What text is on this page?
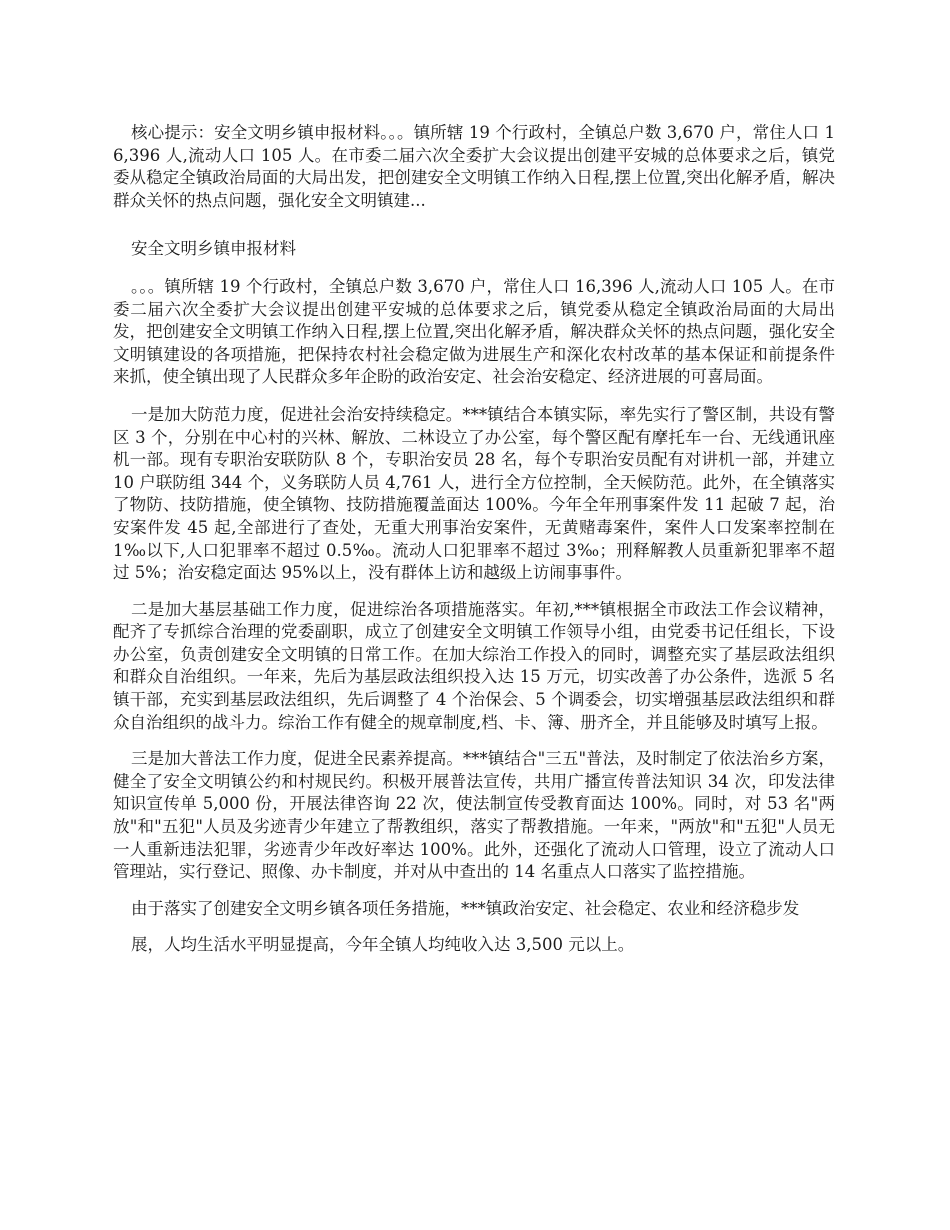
核心提示：安全文明乡镇申报材料。。。镇所辖 19 个行政村，全镇总户数 3,670 户，常住人口 16,396 人,流动人口 105 人。在市委二届六次全委扩大会议提出创建平安城的总体要求之后，镇党委从稳定全镇政治局面的大局出发，把创建安全文明镇工作纳入日程,摆上位置,突出化解矛盾，解决群众关怀的热点问题，强化安全文明镇建...

安全文明乡镇申报材料

。。。镇所辖 19 个行政村，全镇总户数 3,670 户，常住人口 16,396 人,流动人口 105 人。在市委二届六次全委扩大会议提出创建平安城的总体要求之后，镇党委从稳定全镇政治局面的大局出发，把创建安全文明镇工作纳入日程,摆上位置,突出化解矛盾，解决群众关怀的热点问题，强化安全文明镇建设的各项措施，把保持农村社会稳定做为进展生产和深化农村改革的基本保证和前提条件来抓，使全镇出现了人民群众多年企盼的政治安定、社会治安稳定、经济进展的可喜局面。

一是加大防范力度，促进社会治安持续稳定。***镇结合本镇实际，率先实行了警区制，共设有警区 3 个，分别在中心村的兴林、解放、二林设立了办公室，每个警区配有摩托车一台、无线通讯座机一部。现有专职治安联防队 8 个，专职治安员 28 名，每个专职治安员配有对讲机一部，并建立 10 户联防组 344 个，义务联防人员 4,761 人，进行全方位控制，全天候防范。此外，在全镇落实了物防、技防措施，使全镇物、技防措施覆盖面达 100%。今年全年刑事案件发 11 起破 7 起，治安案件发 45 起,全部进行了查处，无重大刑事治安案件，无黄赌毒案件，案件人口发案率控制在 1‰以下,人口犯罪率不超过 0.5‰。流动人口犯罪率不超过 3‰；刑释解教人员重新犯罪率不超过 5%；治安稳定面达 95%以上，没有群体上访和越级上访闹事事件。

二是加大基层基础工作力度，促进综治各项措施落实。年初,***镇根据全市政法工作会议精神，配齐了专抓综合治理的党委副职，成立了创建安全文明镇工作领导小组，由党委书记任组长，下设办公室，负责创建安全文明镇的日常工作。在加大综治工作投入的同时，调整充实了基层政法组织和群众自治组织。一年来，先后为基层政法组织投入达 15 万元，切实改善了办公条件，选派 5 名镇干部，充实到基层政法组织，先后调整了 4 个治保会、5 个调委会，切实增强基层政法组织和群众自治组织的战斗力。综治工作有健全的规章制度,档、卡、簿、册齐全，并且能够及时填写上报。

三是加大普法工作力度，促进全民素养提高。***镇结合"三五"普法，及时制定了依法治乡方案，健全了安全文明镇公约和村规民约。积极开展普法宣传，共用广播宣传普法知识 34 次，印发法律知识宣传单 5,000 份，开展法律咨询 22 次，使法制宣传受教育面达 100%。同时，对 53 名"两放"和"五犯"人员及劣迹青少年建立了帮教组织，落实了帮教措施。一年来，"两放"和"五犯"人员无一人重新违法犯罪，劣迹青少年改好率达 100%。此外，还强化了流动人口管理，设立了流动人口管理站，实行登记、照像、办卡制度，并对从中查出的 14 名重点人口落实了监控措施。

由于落实了创建安全文明乡镇各项任务措施，***镇政治安定、社会稳定、农业和经济稳步发

展，人均生活水平明显提高，今年全镇人均纯收入达 3,500 元以上。
